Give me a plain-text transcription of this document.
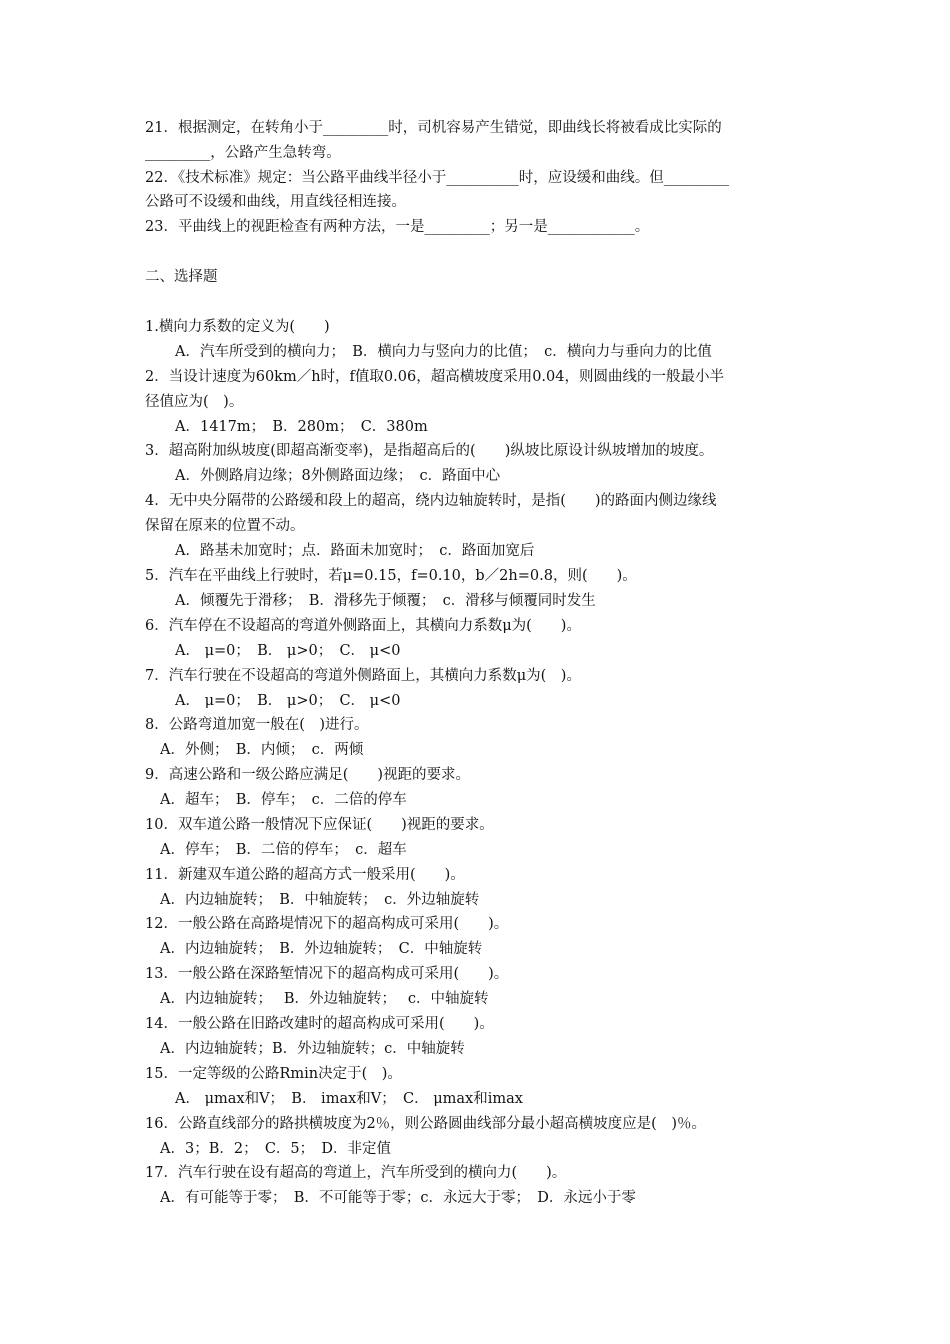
21．根据测定，在转角小于_________时，司机容易产生错觉，即曲线长将被看成比实际的
_________，公路产生急转弯。
22．《技术标准》规定：当公路平曲线半径小于__________时，应设缓和曲线。但_________
公路可不设缓和曲线，用直线径相连接。
23．平曲线上的视距检查有两种方法，一是_________；另一是____________。
二、选择题
1.横向力系数的定义为(　　)
A．汽车所受到的横向力；　B．横向力与竖向力的比值；　c．横向力与垂向力的比值
2．当设计速度为60km／h时，f值取0.06，超高横坡度采用0.04，则圆曲线的一般最小半
径值应为(　)。
A．1417m；　B．280m；　C．380m
3．超高附加纵坡度(即超高渐变率)，是指超高后的(　　)纵坡比原设计纵坡增加的坡度。
A．外侧路肩边缘；8外侧路面边缘；　c．路面中心
4．无中央分隔带的公路缓和段上的超高，绕内边轴旋转时，是指(　　)的路面内侧边缘线
保留在原来的位置不动。
A．路基未加宽时；点．路面未加宽时；　c．路面加宽后
5．汽车在平曲线上行驶时，若μ=0.15，f=0.10，b／2h=0.8，则(　　)。
A．倾覆先于滑移；　B．滑移先于倾覆；　c．滑移与倾覆同时发生
6．汽车停在不设超高的弯道外侧路面上，其横向力系数μ为(　　)。
A． μ=0；　B． μ>0；　C． μ<0
7．汽车行驶在不设超高的弯道外侧路面上，其横向力系数μ为(　)。
A． μ=0；　B． μ>0；　C． μ<0
8．公路弯道加宽一般在(　)进行。
A．外侧；　B．内倾；　c．两倾
9．高速公路和一级公路应满足(　　)视距的要求。
A．超车；　B．停车；　c．二倍的停车
10．双车道公路一般情况下应保证(　　)视距的要求。
A．停车；　B．二倍的停车；　c．超车
11．新建双车道公路的超高方式一般采用(　　)。
A．内边轴旋转；　B．中轴旋转；　c．外边轴旋转
12．一般公路在高路堤情况下的超高构成可采用(　　)。
A．内边轴旋转；　B．外边轴旋转；　C．中轴旋转
13．一般公路在深路堑情况下的超高构成可采用(　　)。
A．内边轴旋转；　 B．外边轴旋转；　 c．中轴旋转
14．一般公路在旧路改建时的超高构成可采用(　　)。
A．内边轴旋转；B．外边轴旋转；c．中轴旋转
15．一定等级的公路Rmin决定于(　)。
A． μmax和V；　B． imax和V；　C． μmax和imax
16．公路直线部分的路拱横坡度为2％，则公路圆曲线部分最小超高横坡度应是(　)％。
A．3；B．2；　C．5；　D．非定值
17．汽车行驶在设有超高的弯道上，汽车所受到的横向力(　　)。
A．有可能等于零；　B．不可能等于零；c．永远大于零；　D．永远小于零
